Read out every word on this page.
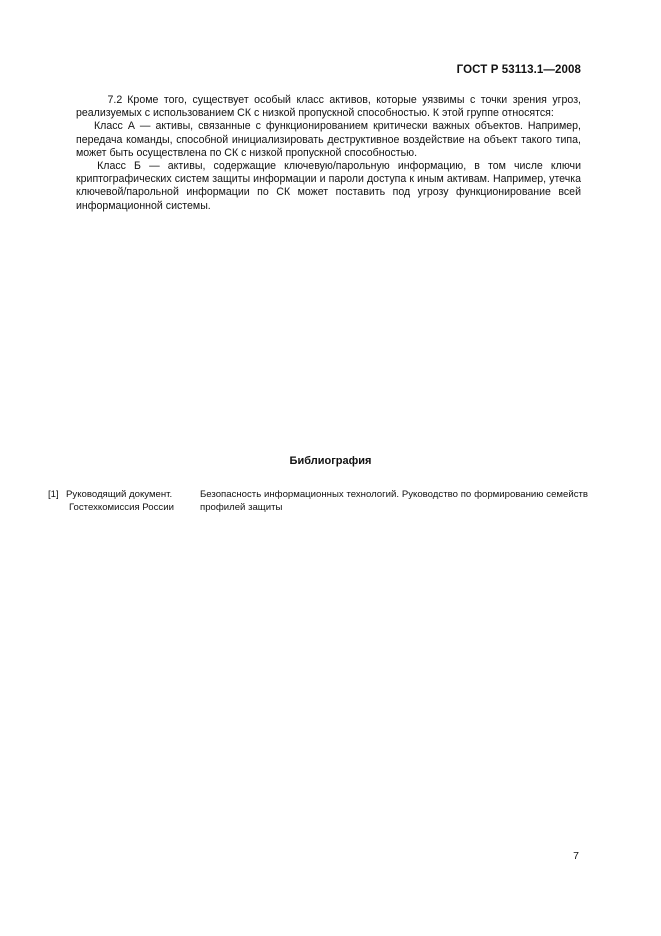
ГОСТ Р 53113.1—2008

7.2 Кроме того, существует особый класс активов, которые уязвимы с точки зрения угроз, реализуемых с использованием СК с низкой пропускной способностью. К этой группе относятся:

Класс А — активы, связанные с функционированием критически важных объектов. Например, передача команды, способной инициализировать деструктивное воздействие на объект такого типа, может быть осуществлена по СК с низкой пропускной способностью.

Класс Б — активы, содержащие ключевую/парольную информацию, в том числе ключи криптографических систем защиты информации и пароли доступа к иным активам. Например, утечка ключевой/парольной информации по СК может поставить под угрозу функционирование всей информационной системы.

Библиография
[1] Руководящий документ.
Гостехкомиссия России
Безопасность информационных технологий. Руководство по формированию семейств профилей защиты
7
